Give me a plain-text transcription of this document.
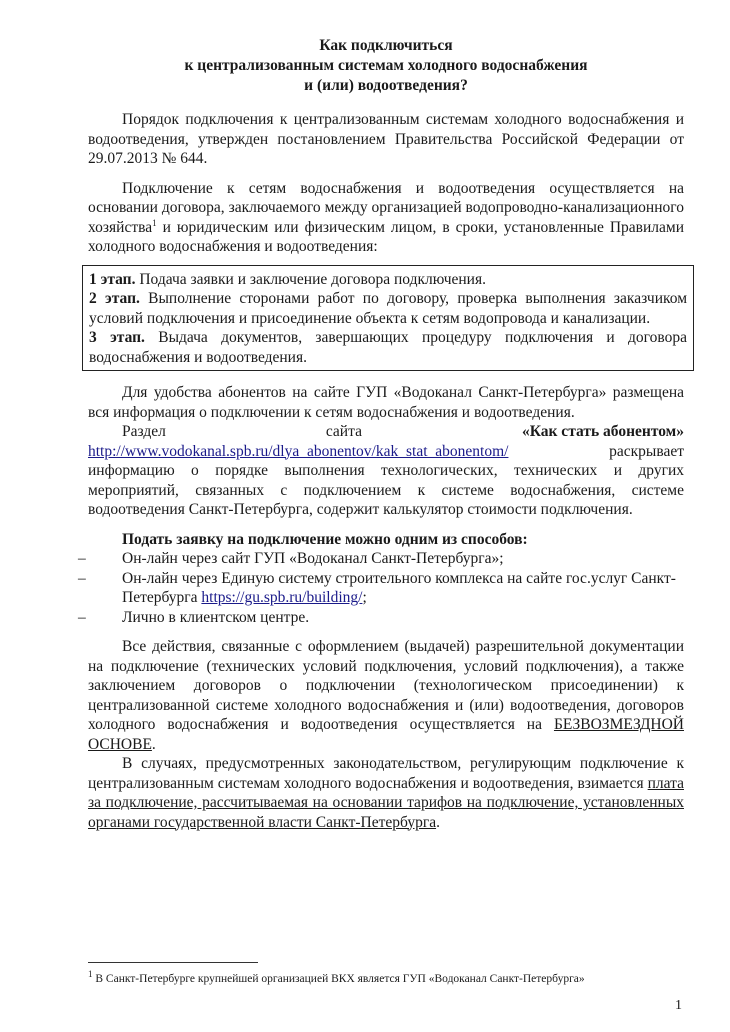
Как подключиться
к централизованным системам холодного водоснабжения
и (или) водоотведения?

Порядок подключения к централизованным системам холодного водоснабжения и водоотведения, утвержден постановлением Правительства Российской Федерации от 29.07.2013 № 644.

Подключение к сетям водоснабжения и водоотведения осуществляется на основании договора, заключаемого между организацией водопроводно-канализационного хозяйства$^1$ и юридическим или физическим лицом, в сроки, установленные Правилами холодного водоснабжения и водоотведения:

1 этап. Подача заявки и заключение договора подключения.

2 этап. Выполнение сторонами работ по договору, проверка выполнения заказчиком условий подключения и присоединение объекта к сетям водопровода и канализации.

3 этап. Выдача документов, завершающих процедуру подключения и договора водоснабжения и водоотведения.

Для удобства абонентов на сайте ГУП «Водоканал Санкт-Петербурга» размещена вся информация о подключении к сетям водоснабжения и водоотведения.

Раздел	сайта	«Как стать абонентом»
http://www.vodokanal.spb.ru/dlya_abonentov/kak_stat_abonentom/	раскрывает

информацию о порядке выполнения технологических, технических и других мероприятий, связанных с подключением к системе водоснабжения, системе водоотведения Санкт-Петербурга, содержит калькулятор стоимости подключения.

Подать заявку на подключение можно одним из способов:
– Он-лайн через сайт ГУП «Водоканал Санкт-Петербурга»;
– Он-лайн через Единую систему строительного комплекса на сайте гос.услуг Санкт-Петербурга https://gu.spb.ru/building/;
– Лично в клиентском центре.

Все действия, связанные с оформлением (выдачей) разрешительной документации на подключение (технических условий подключения, условий подключения), а также заключением договоров о подключении (технологическом присоединении) к централизованной системе холодного водоснабжения и (или) водоотведения, договоров холодного водоснабжения и водоотведения осуществляется на БЕЗВОЗМЕЗДНОЙ ОСНОВЕ.

В случаях, предусмотренных законодательством, регулирующим подключение к централизованным системам холодного водоснабжения и водоотведения, взимается плата за подключение, рассчитываемая на основании тарифов на подключение, установленных органами государственной власти Санкт-Петербурга.

$^1$ В Санкт-Петербурге крупнейшей организацией ВКХ является ГУП «Водоканал Санкт-Петербурга»
1
